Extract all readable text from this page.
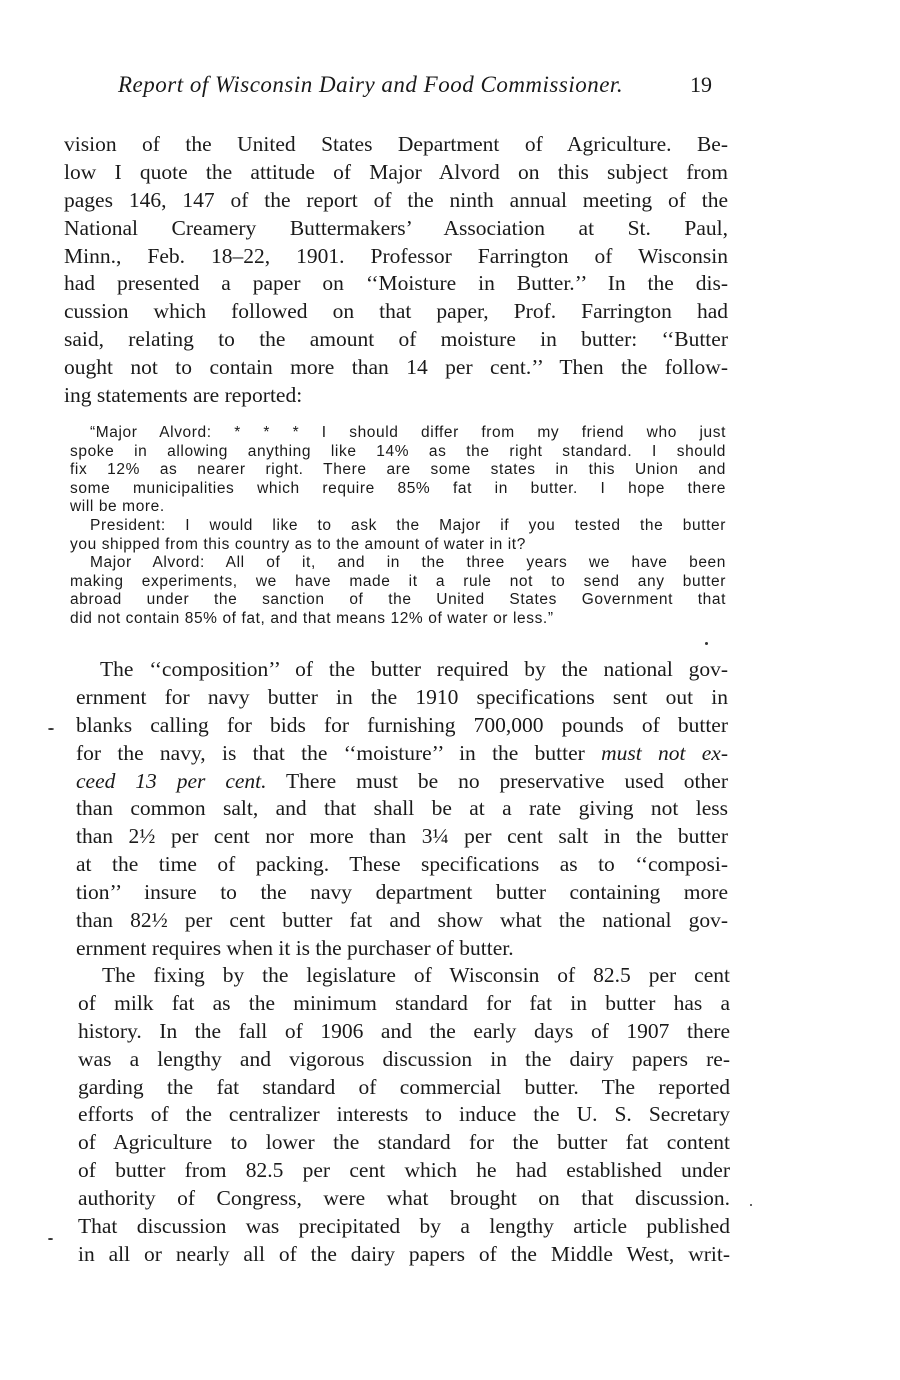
Report of Wisconsin Dairy and Food Commissioner.	19
vision of the United States Department of Agriculture. Be-
low I quote the attitude of Major Alvord on this subject from
pages 146, 147 of the report of the ninth annual meeting of the
National Creamery Buttermakers’ Association at St. Paul,
Minn., Feb. 18–22, 1901. Professor Farrington of Wisconsin
had presented a paper on ‘‘Moisture in Butter.’’ In the dis-
cussion which followed on that paper, Prof. Farrington had
said, relating to the amount of moisture in butter: ‘‘Butter
ought not to contain more than 14 per cent.’’ Then the follow-
ing statements are reported:
“Major Alvord: * * * I should differ from my friend who just
spoke in allowing anything like 14% as the right standard. I should
fix 12% as nearer right. There are some states in this Union and
some municipalities which require 85% fat in butter. I hope there
will be more.
President: I would like to ask the Major if you tested the butter
you shipped from this country as to the amount of water in it?
Major Alvord: All of it, and in the three years we have been
making experiments, we have made it a rule not to send any butter
abroad under the sanction of the United States Government that
did not contain 85% of fat, and that means 12% of water or less.”
The ‘‘composition’’ of the butter required by the national gov-
ernment for navy butter in the 1910 specifications sent out in
blanks calling for bids for furnishing 700,000 pounds of butter
for the navy, is that the ‘‘moisture’’ in the butter must not ex-
ceed 13 per cent. There must be no preservative used other
than common salt, and that shall be at a rate giving not less
than 2½ per cent nor more than 3¼ per cent salt in the butter
at the time of packing. These specifications as to ‘‘composi-
tion’’ insure to the navy department butter containing more
than 82½ per cent butter fat and show what the national gov-
ernment requires when it is the purchaser of butter.
The fixing by the legislature of Wisconsin of 82.5 per cent
of milk fat as the minimum standard for fat in butter has a
history. In the fall of 1906 and the early days of 1907 there
was a lengthy and vigorous discussion in the dairy papers re-
garding the fat standard of commercial butter. The reported
efforts of the centralizer interests to induce the U. S. Secretary
of Agriculture to lower the standard for the butter fat content
of butter from 82.5 per cent which he had established under
authority of Congress, were what brought on that discussion.
That discussion was precipitated by a lengthy article published
in all or nearly all of the dairy papers of the Middle West, writ-
